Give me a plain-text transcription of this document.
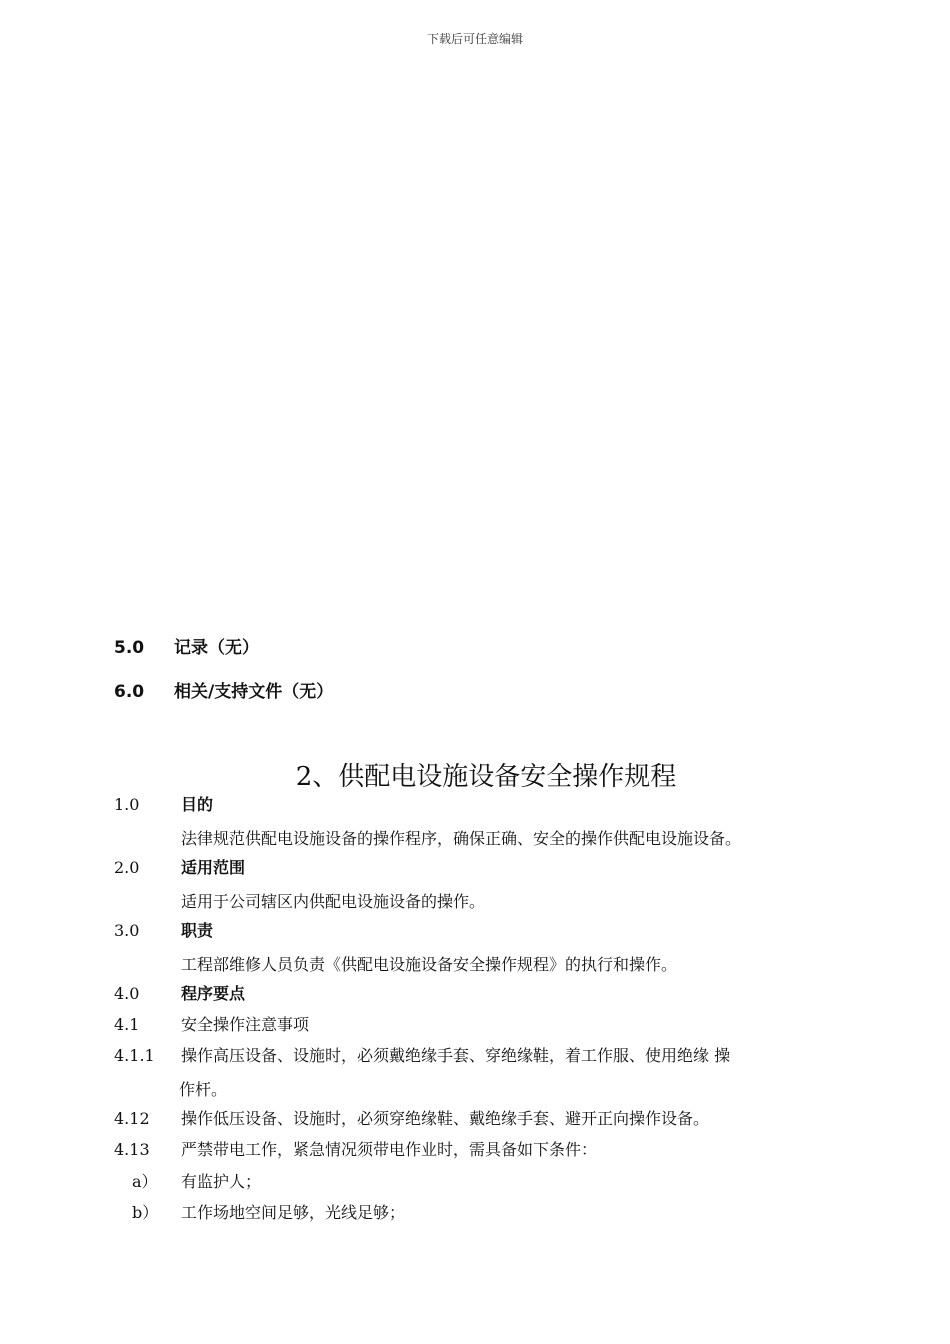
下载后可任意编辑
5.0 记录（无）
6.0 相关/支持文件（无）
2、供配电设施设备安全操作规程
1.0	目的
法律规范供配电设施设备的操作程序，确保正确、安全的操作供配电设施设备。
2.0	适用范围
适用于公司辖区内供配电设施设备的操作。
3.0	职责
工程部维修人员负责《供配电设施设备安全操作规程》的执行和操作。
4.0	程序要点
4.1	安全操作注意事项
4.1.1 操作高压设备、设施时，必须戴绝缘手套、穿绝缘鞋，着工作服、使用绝缘 操
作杆。
4.12 操作低压设备、设施时，必须穿绝缘鞋、戴绝缘手套、避开正向操作设备。
4.13 严禁带电工作，紧急情况须带电作业时，需具备如下条件：
a） 有监护人；
b） 工作场地空间足够，光线足够；
